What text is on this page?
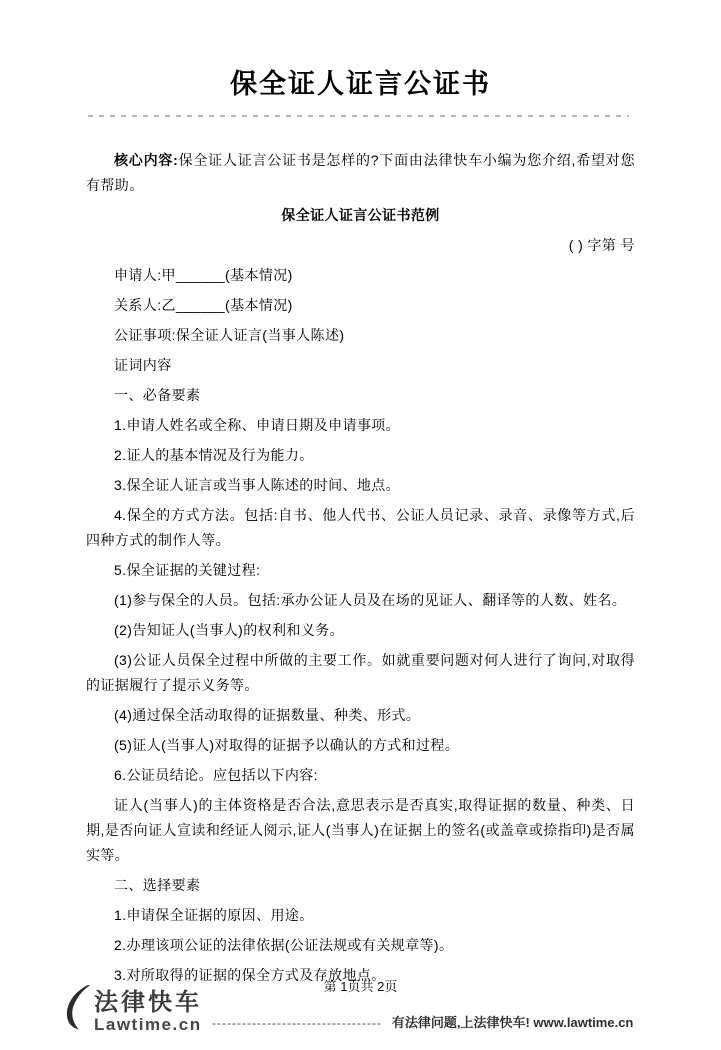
保全证人证言公证书

核心内容:保全证人证言公证书是怎样的?下面由法律快车小编为您介绍,希望对您有帮助。

保全证人证言公证书范例

( ) 字第 号

申请人:甲______(基本情况)

关系人:乙______(基本情况)

公证事项:保全证人证言(当事人陈述)

证词内容

一、必备要素

1.申请人姓名或全称、申请日期及申请事项。

2.证人的基本情况及行为能力。

3.保全证人证言或当事人陈述的时间、地点。

4.保全的方式方法。包括:自书、他人代书、公证人员记录、录音、录像等方式,后四种方式的制作人等。

5.保全证据的关键过程:

(1)参与保全的人员。包括:承办公证人员及在场的见证人、翻译等的人数、姓名。

(2)告知证人(当事人)的权利和义务。

(3)公证人员保全过程中所做的主要工作。如就重要问题对何人进行了询问,对取得的证据履行了提示义务等。

(4)通过保全活动取得的证据数量、种类、形式。

(5)证人(当事人)对取得的证据予以确认的方式和过程。

6.公证员结论。应包括以下内容:

证人(当事人)的主体资格是否合法,意思表示是否真实,取得证据的数量、种类、日期,是否向证人宣读和经证人阅示,证人(当事人)在证据上的签名(或盖章或捺指印)是否属实等。

二、选择要素

1.申请保全证据的原因、用途。

2.办理该项公证的法律依据(公证法规或有关规章等)。

3.对所取得的证据的保全方式及存放地点。

第 1页共 2页
法律快车
Lawtime.cn ---------------------------------- 有法律问题,上法律快车! www.lawtime.cn
